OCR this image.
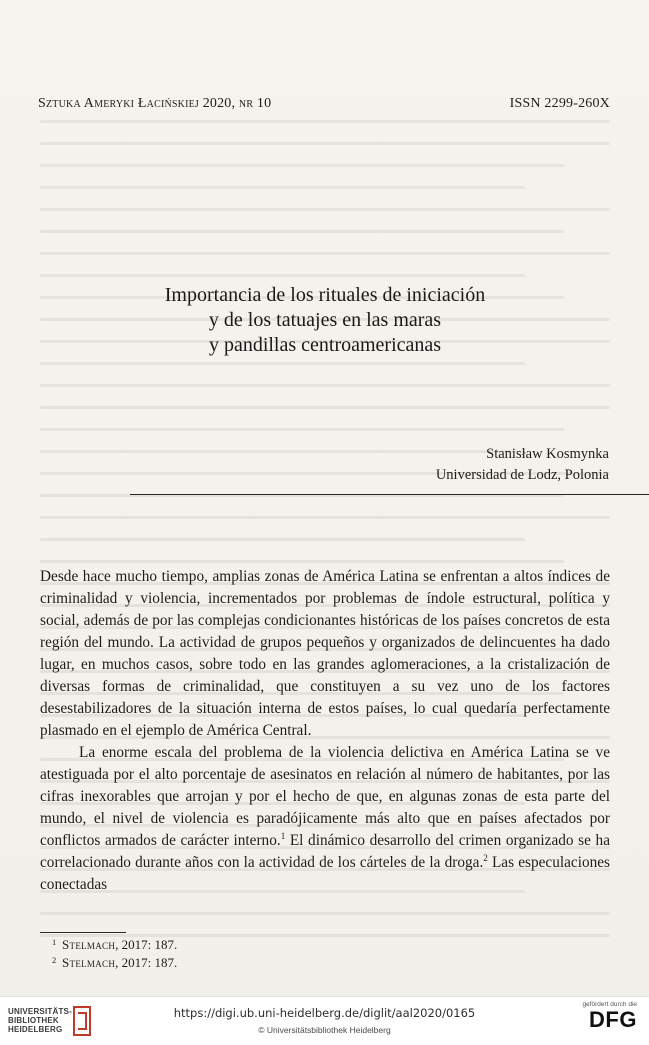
Sztuka Ameryki Łacińskiej 2020, nr 10	ISSN 2299-260X
Importancia de los rituales de iniciación
y de los tatuajes en las maras
y pandillas centroamericanas
Stanisław Kosmynka
Universidad de Lodz, Polonia

Desde hace mucho tiempo, amplias zonas de América Latina se enfrentan a altos índices de criminalidad y violencia, incrementados por problemas de índole estructural, política y social, además de por las complejas condicionantes históricas de los países concretos de esta región del mundo. La actividad de grupos pequeños y organizados de delincuentes ha dado lugar, en muchos casos, sobre todo en las grandes aglomeraciones, a la cristalización de diversas formas de criminalidad, que constituyen a su vez uno de los factores desestabilizadores de la situación interna de estos países, lo cual quedaría perfectamente plasmado en el ejemplo de América Central.

La enorme escala del problema de la violencia delictiva en América Latina se ve atestiguada por el alto porcentaje de asesinatos en relación al número de habitantes, por las cifras inexorables que arrojan y por el hecho de que, en algunas zonas de esta parte del mundo, el nivel de violencia es paradójicamente más alto que en países afectados por conflictos armados de carácter interno.$^1$ El dinámico desarrollo del crimen organizado se ha correlacionado durante años con la actividad de los cárteles de la droga.$^2$ Las especulaciones conectadas

1 Stelmach, 2017: 187.
2 Stelmach, 2017: 187.
UNIVERSITÄTS-
BIBLIOTHEK
HEIDELBERG
https://digi.ub.uni-heidelberg.de/diglit/aal2020/0165
© Universitätsbibliothek Heidelberg
gefördert durch die
DFG
